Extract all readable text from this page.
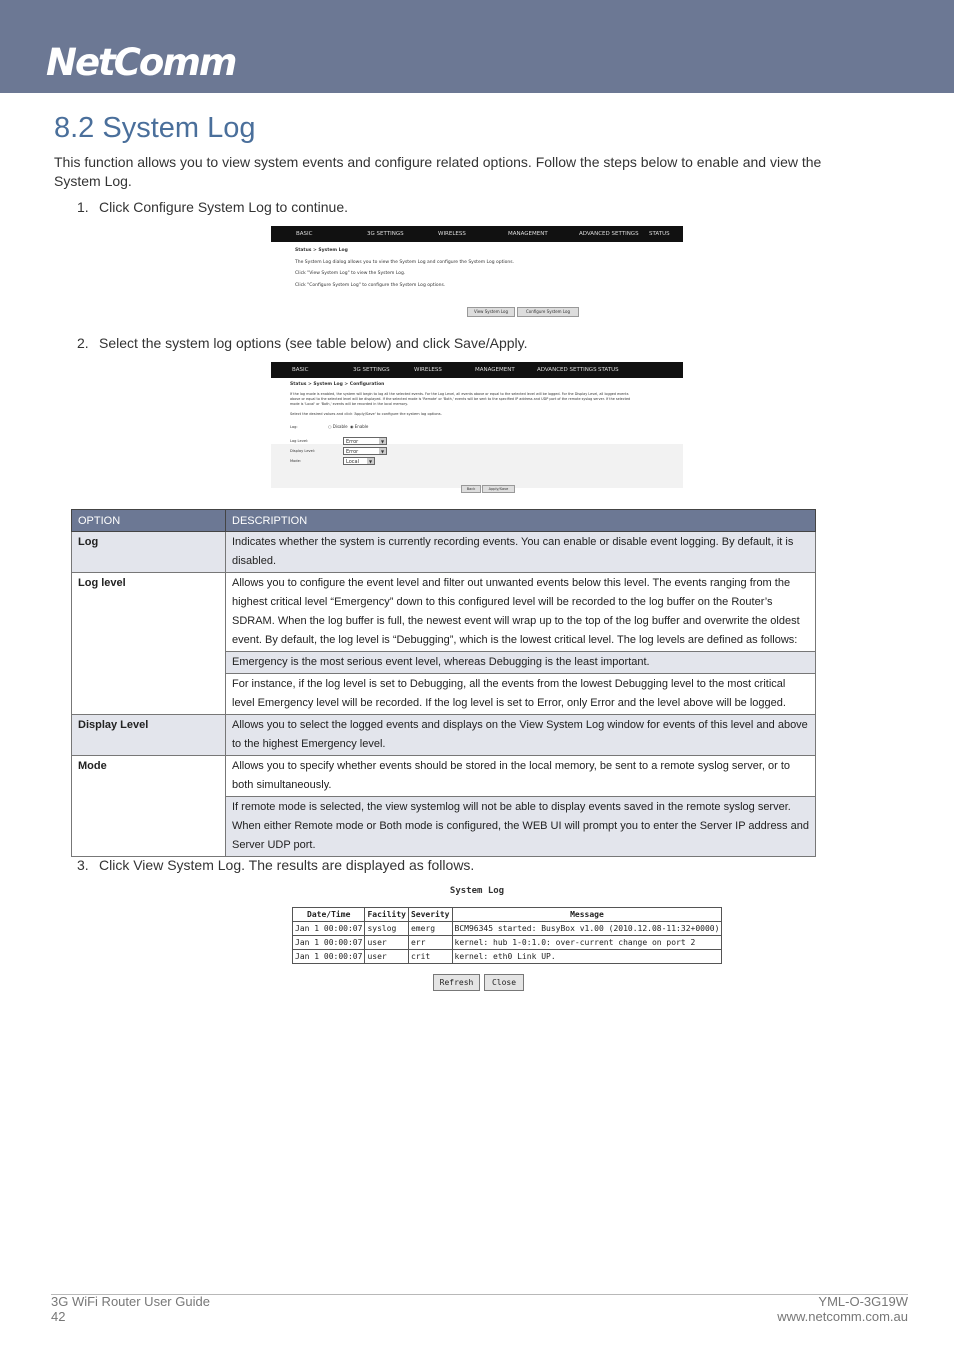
NetComm
8.2 System Log

This function allows you to view system events and configure related options. Follow the steps below to enable and view the System Log.

1. Click Configure System Log to continue.
BASIC	3G SETTINGS	WIRELESS	MANAGEMENT	ADVANCED SETTINGS STATUS
Status > System Log
The System Log dialog allows you to view the System Log and configure the System Log options.
Click "View System Log" to view the System Log.
Click "Configure System Log" to configure the System Log options.
View System Log	Configure System Log
2. Select the system log options (see table below) and click Save/Apply.
BASIC	3G SETTINGS	WIRELESS	MANAGEMENT	ADVANCED SETTINGS STATUS
Status > System Log > Configuration
If the log mode is enabled, the system will begin to log all the selected events. For the Log Level, all events above or equal to the selected level will be logged. For the Display Level, all logged events
above or equal to the selected level will be displayed. If the selected mode is 'Remote' or 'Both,' events will be sent to the specified IP address and UDP port of the remote syslog server. If the selected
mode is 'Local' or 'Both,' events will be recorded in the local memory.
Select the desired values and click 'Apply/Save' to configure the system log options.
Log:	○ Disable ◉ Enable
Log Level:	Error	▼
Display Level:	Error	▼
Mode:	Local	▼
Back	Apply/Save
OPTION	DESCRIPTION
Log	Indicates whether the system is currently recording events. You can enable or disable event logging. By default, it is disabled.
Log level	Allows you to configure the event level and filter out unwanted events below this level. The events ranging from the highest critical level “Emergency” down to this configured level will be recorded to the log buffer on the Router’s SDRAM. When the log buffer is full, the newest event will wrap up to the top of the log buffer and overwrite the oldest event. By default, the log level is “Debugging”, which is the lowest critical level. The log levels are defined as follows:
	Emergency is the most serious event level, whereas Debugging is the least important.
	For instance, if the log level is set to Debugging, all the events from the lowest Debugging level to the most critical level Emergency level will be recorded. If the log level is set to Error, only Error and the level above will be logged.
Display Level	Allows you to select the logged events and displays on the View System Log window for events of this level and above to the highest Emergency level.
Mode	Allows you to specify whether events should be stored in the local memory, be sent to a remote syslog server, or to both simultaneously.
	If remote mode is selected, the view systemlog will not be able to display events saved in the remote syslog server. When either Remote mode or Both mode is configured, the WEB UI will prompt you to enter the Server IP address and Server UDP port.
3. Click View System Log. The results are displayed as follows.
System Log
Date/Time	Facility	Severity	Message
Jan 1 00:00:07	syslog	emerg	BCM96345 started: BusyBox v1.00 (2010.12.08-11:32+0000)
Jan 1 00:00:07	user	err	kernel: hub 1-0:1.0: over-current change on port 2
Jan 1 00:00:07	user	crit	kernel: eth0 Link UP.
Refresh	Close
3G WiFi Router User Guide
42
YML-O-3G19W
www.netcomm.com.au
